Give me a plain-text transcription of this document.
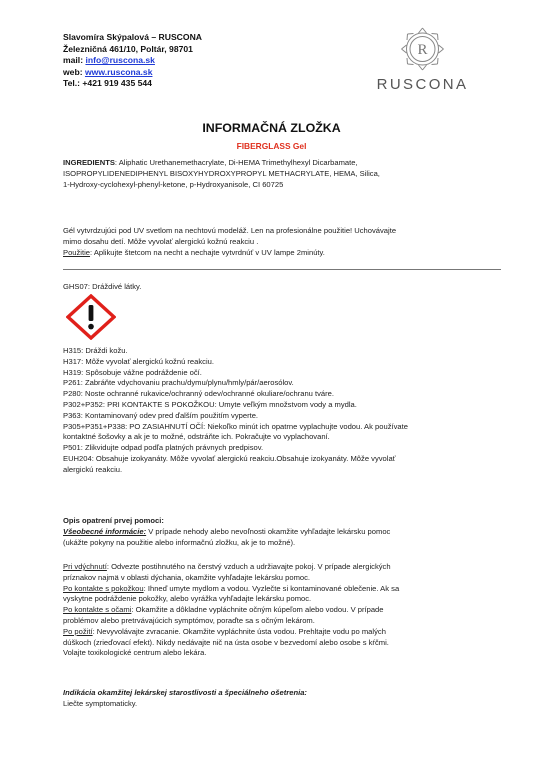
Slavomíra Skýpalová – RUSCONA

Železničná 461/10, Poltár, 98701

mail: info@ruscona.sk

web: www.ruscona.sk

Tel.: +421 919 435 544

R
RUSCONA
INFORMAČNÁ ZLOŽKA
FIBERGLASS Gel

INGREDIENTS: Aliphatic Urethanemethacrylate, Di-HEMA Trimethylhexyl Dicarbamate,

ISOPROPYLIDENEDIPHENYL BISOXYHYDROXYPROPYL METHACRYLATE, HEMA, Silica,

1-Hydroxy-cyclohexyl-phenyl-ketone, p-Hydroxyanisole, CI 60725

Gél vytvrdzujúci pod UV svetlom na nechtovú modeláž. Len na profesionálne použitie! Uchovávajte

mimo dosahu detí. Môže vyvolať alergickú kožnú reakciu .

Použitie: Aplikujte štetcom na necht a nechajte vytvrdnúť v UV lampe 2minúty.

GHS07: Dráždivé látky.

H315: Dráždi kožu.

H317: Môže vyvolať alergickú kožnú reakciu.

H319: Spôsobuje vážne podráždenie očí.

P261: Zabráňte vdychovaniu prachu/dymu/plynu/hmly/pár/aerosólov.

P280: Noste ochranné rukavice/ochranný odev/ochranné okuliare/ochranu tváre.

P302+P352: PRI KONTAKTE S POKOŽKOU: Umyte veľkým množstvom vody a mydla.

P363: Kontaminovaný odev pred ďalším použitím vyperte.

P305+P351+P338: PO ZASIAHNUTÍ OČÍ: Niekoľko minút ich opatrne vyplachujte vodou. Ak používate

kontaktné šošovky a ak je to možné, odstráňte ich. Pokračujte vo vyplachovaní.

P501: Zlikvidujte odpad podľa platných právnych predpisov.

EUH204: Obsahuje izokyanáty. Môže vyvolať alergickú reakciu.Obsahuje izokyanáty. Môže vyvolať

alergickú reakciu.

Opis opatrení prvej pomoci:

Všeobecné informácie: V prípade nehody alebo nevoľnosti okamžite vyhľadajte lekársku pomoc

(ukážte pokyny na použitie alebo informačnú zložku, ak je to možné).

Pri vdýchnutí: Odvezte postihnutého na čerstvý vzduch a udržiavajte pokoj. V prípade alergických

príznakov najmä v oblasti dýchania, okamžite vyhľadajte lekársku pomoc.

Po kontakte s pokožkou: Ihneď umyte mydlom a vodou. Vyzlečte si kontaminované oblečenie. Ak sa

vyskytne podráždenie pokožky, alebo vyrážka vyhľadajte lekársku pomoc.

Po kontakte s očami: Okamžite a dôkladne vypláchnite očným kúpeľom alebo vodou. V prípade

problémov alebo pretrvávajúcich symptómov, poraďte sa s očným lekárom.

Po požití: Nevyvolávajte zvracanie. Okamžite vypláchnite ústa vodou. Prehltajte vodu po malých

dúškoch (zrieďovací efekt). Nikdy nedávajte nič na ústa osobe v bezvedomí alebo osobe s kŕčmi.

Volajte toxikologické centrum alebo lekára.

Indikácia okamžitej lekárskej starostlivosti a špeciálneho ošetrenia:

Liečte symptomaticky.
